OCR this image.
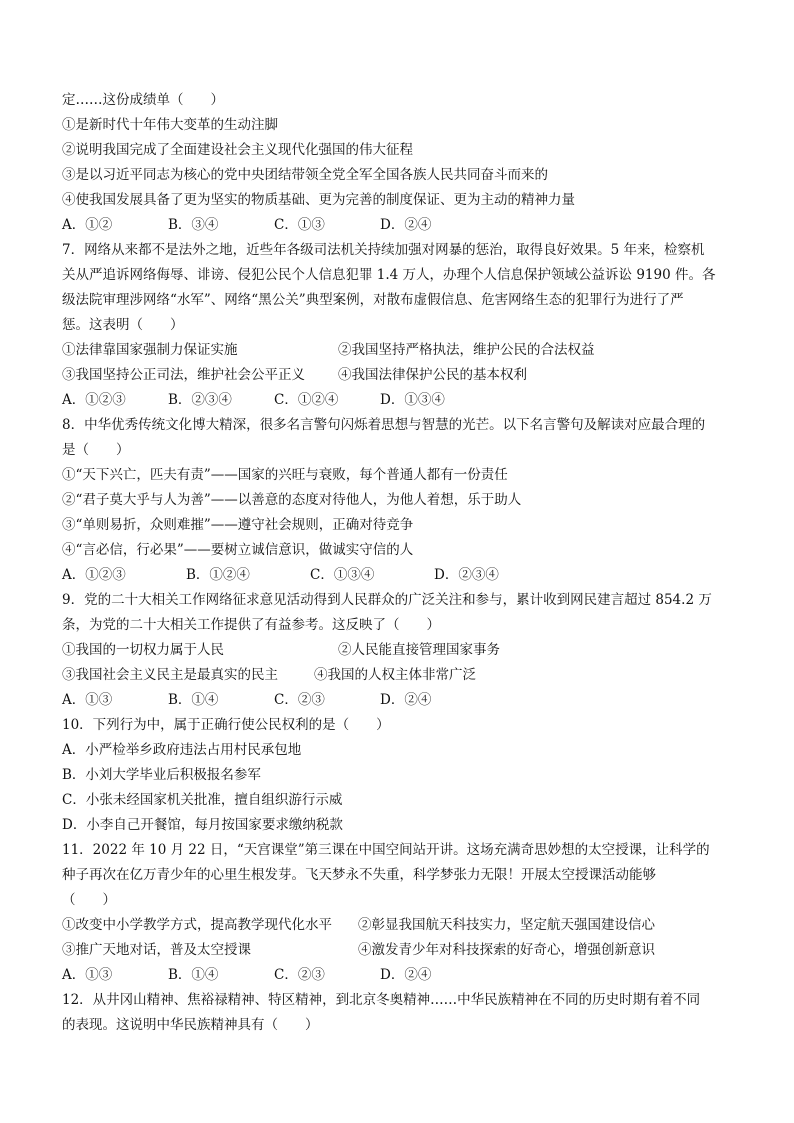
定……这份成绩单（　　）
①是新时代十年伟大变革的生动注脚
②说明我国完成了全面建设社会主义现代化强国的伟大征程
③是以习近平同志为核心的党中央团结带领全党全军全国各族人民共同奋斗而来的
④使我国发展具备了更为坚实的物质基础、更为完善的制度保证、更为主动的精神力量
A．①②	B．③④	C．①③	D．②④
7．网络从来都不是法外之地，近些年各级司法机关持续加强对网暴的惩治，取得良好效果。5 年来，检察机
关从严追诉网络侮辱、诽谤、侵犯公民个人信息犯罪 1.4 万人，办理个人信息保护领域公益诉讼 9190 件。各
级法院审理涉网络“水军”、网络“黑公关”典型案例，对散布虚假信息、危害网络生态的犯罪行为进行了严
惩。这表明（　　）
①法律靠国家强制力保证实施	②我国坚持严格执法，维护公民的合法权益
③我国坚持公正司法，维护社会公平正义	④我国法律保护公民的基本权利
A．①②③	B．②③④	C．①②④	D．①③④
8．中华优秀传统文化博大精深，很多名言警句闪烁着思想与智慧的光芒。以下名言警句及解读对应最合理的
是（　　）
①“天下兴亡，匹夫有责”——国家的兴旺与衰败，每个普通人都有一份责任
②“君子莫大乎与人为善”——以善意的态度对待他人，为他人着想，乐于助人
③“单则易折，众则难摧”——遵守社会规则，正确对待竞争
④“言必信，行必果”——要树立诚信意识，做诚实守信的人
A．①②③	B．①②④	C．①③④	D．②③④
9．党的二十大相关工作网络征求意见活动得到人民群众的广泛关注和参与，累计收到网民建言超过 854.2 万
条，为党的二十大相关工作提供了有益参考。这反映了（　　）
①我国的一切权力属于人民	②人民能直接管理国家事务
③我国社会主义民主是最真实的民主	④我国的人权主体非常广泛
A．①③	B．①④	C．②③	D．②④
10．下列行为中，属于正确行使公民权利的是（　　）
A．小严检举乡政府违法占用村民承包地
B．小刘大学毕业后积极报名参军
C．小张未经国家机关批准，擅自组织游行示威
D．小李自己开餐馆，每月按国家要求缴纳税款
11．2022 年 10 月 22 日，“天宫课堂”第三课在中国空间站开讲。这场充满奇思妙想的太空授课，让科学的
种子再次在亿万青少年的心里生根发芽。飞天梦永不失重，科学梦张力无限！开展太空授课活动能够
（　　）
①改变中小学教学方式，提高教学现代化水平	②彰显我国航天科技实力，坚定航天强国建设信心
③推广天地对话，普及太空授课	④激发青少年对科技探索的好奇心，增强创新意识
A．①③	B．①④	C．②③	D．②④
12．从井冈山精神、焦裕禄精神、特区精神，到北京冬奥精神……中华民族精神在不同的历史时期有着不同
的表现。这说明中华民族精神具有（　　）
